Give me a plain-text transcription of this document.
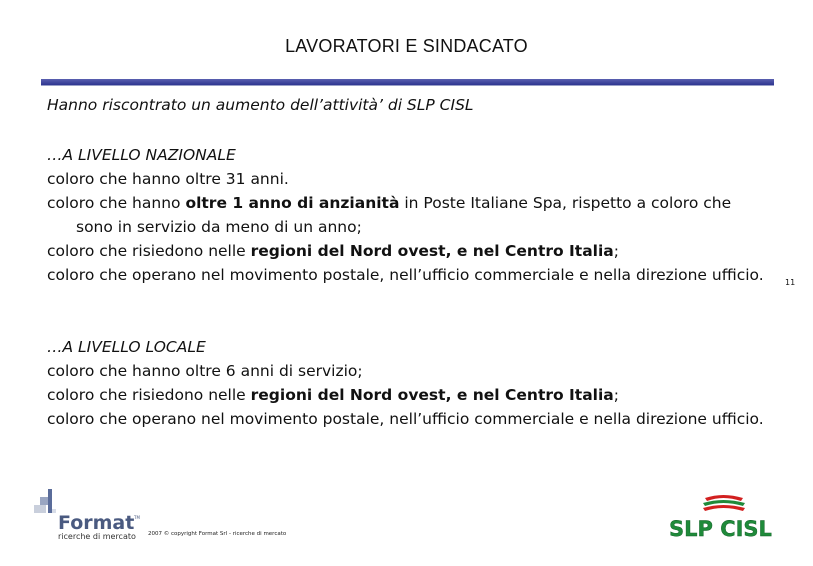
LAVORATORI E SINDACATO
Hanno riscontrato un aumento dell’attività’ di SLP CISL
…A LIVELLO NAZIONALE
coloro che hanno oltre 31 anni.
coloro che hanno oltre 1 anno di anzianità in Poste Italiane Spa, rispetto a coloro che sono in servizio da meno di un anno;
coloro che risiedono nelle regioni del Nord ovest, e nel Centro Italia;
coloro che operano nel movimento postale, nell’ufficio commerciale e nella direzione ufficio.
…A LIVELLO LOCALE
coloro che hanno oltre 6 anni di servizio;
coloro che risiedono nelle regioni del Nord ovest, e nel Centro Italia;
coloro che operano nel movimento postale, nell’ufficio commerciale e nella direzione ufficio.
11
Format TM
ricerche di mercato 2007 © copyright Format Srl - ricerche di mercato	SLP CISL
